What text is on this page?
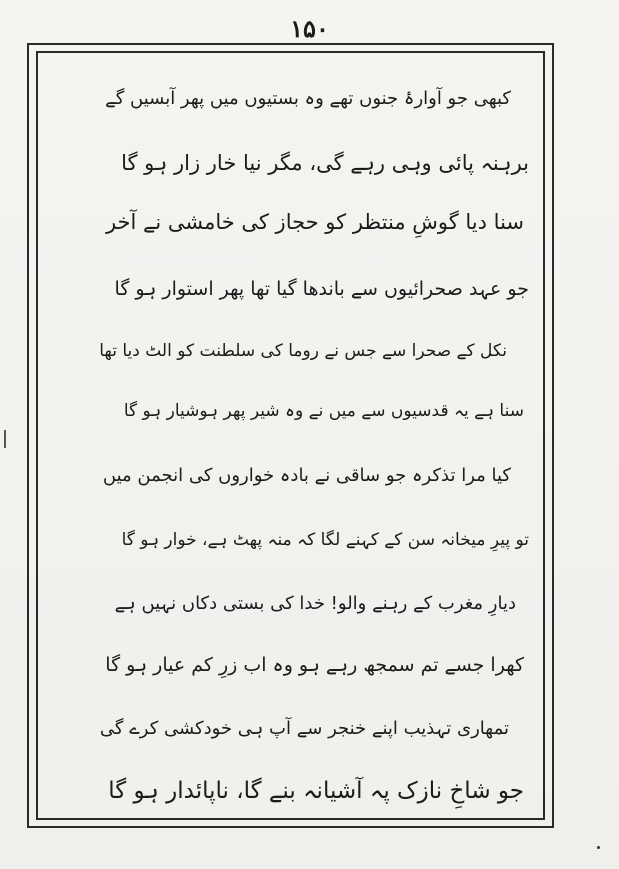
۱۵۰
کبھی جو آوارۂ جنوں تھے وہ بستیوں میں پھر آبسیں گے
برہنہ پائی وہی رہے گی، مگر نیا خار زار ہو گا
سنا دیا گوشِ منتظر کو حجاز کی خامشی نے آخر
جو عہد صحرائیوں سے باندھا گیا تھا پھر استوار ہو گا
نکل کے صحرا سے جس نے روما کی سلطنت کو الٹ دیا تھا
سنا ہے یہ قدسیوں سے میں نے وہ شیر پھر ہوشیار ہو گا
کیا مرا تذکرہ جو ساقی نے بادہ خواروں کی انجمن میں
تو پیرِ میخانہ سن کے کہنے لگا کہ منہ پھٹ ہے، خوار ہو گا
دیارِ مغرب کے رہنے والو! خدا کی بستی دکاں نہیں ہے
کھرا جسے تم سمجھ رہے ہو وہ اب زرِ کم عیار ہو گا
تمھاری تہذیب اپنے خنجر سے آپ ہی خودکشی کرے گی
جو شاخِ نازک پہ آشیانہ بنے گا، ناپائدار ہو گا
